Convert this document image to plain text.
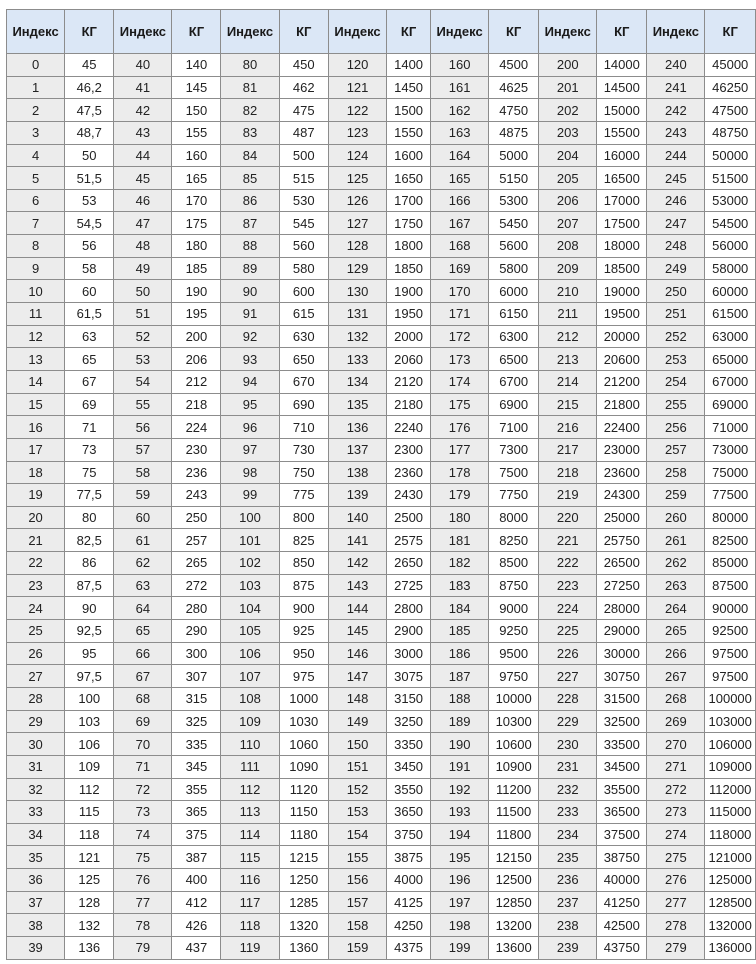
Индекс	КГ	Индекс	КГ	Индекс	КГ	Индекс	КГ	Индекс	КГ	Индекс	КГ	Индекс	КГ
0	45	40	140	80	450	120	1400	160	4500	200	14000	240	45000
1	46,2	41	145	81	462	121	1450	161	4625	201	14500	241	46250
2	47,5	42	150	82	475	122	1500	162	4750	202	15000	242	47500
3	48,7	43	155	83	487	123	1550	163	4875	203	15500	243	48750
4	50	44	160	84	500	124	1600	164	5000	204	16000	244	50000
5	51,5	45	165	85	515	125	1650	165	5150	205	16500	245	51500
6	53	46	170	86	530	126	1700	166	5300	206	17000	246	53000
7	54,5	47	175	87	545	127	1750	167	5450	207	17500	247	54500
8	56	48	180	88	560	128	1800	168	5600	208	18000	248	56000
9	58	49	185	89	580	129	1850	169	5800	209	18500	249	58000
10	60	50	190	90	600	130	1900	170	6000	210	19000	250	60000
11	61,5	51	195	91	615	131	1950	171	6150	211	19500	251	61500
12	63	52	200	92	630	132	2000	172	6300	212	20000	252	63000
13	65	53	206	93	650	133	2060	173	6500	213	20600	253	65000
14	67	54	212	94	670	134	2120	174	6700	214	21200	254	67000
15	69	55	218	95	690	135	2180	175	6900	215	21800	255	69000
16	71	56	224	96	710	136	2240	176	7100	216	22400	256	71000
17	73	57	230	97	730	137	2300	177	7300	217	23000	257	73000
18	75	58	236	98	750	138	2360	178	7500	218	23600	258	75000
19	77,5	59	243	99	775	139	2430	179	7750	219	24300	259	77500
20	80	60	250	100	800	140	2500	180	8000	220	25000	260	80000
21	82,5	61	257	101	825	141	2575	181	8250	221	25750	261	82500
22	86	62	265	102	850	142	2650	182	8500	222	26500	262	85000
23	87,5	63	272	103	875	143	2725	183	8750	223	27250	263	87500
24	90	64	280	104	900	144	2800	184	9000	224	28000	264	90000
25	92,5	65	290	105	925	145	2900	185	9250	225	29000	265	92500
26	95	66	300	106	950	146	3000	186	9500	226	30000	266	97500
27	97,5	67	307	107	975	147	3075	187	9750	227	30750	267	97500
28	100	68	315	108	1000	148	3150	188	10000	228	31500	268	100000
29	103	69	325	109	1030	149	3250	189	10300	229	32500	269	103000
30	106	70	335	110	1060	150	3350	190	10600	230	33500	270	106000
31	109	71	345	111	1090	151	3450	191	10900	231	34500	271	109000
32	112	72	355	112	1120	152	3550	192	11200	232	35500	272	112000
33	115	73	365	113	1150	153	3650	193	11500	233	36500	273	115000
34	118	74	375	114	1180	154	3750	194	11800	234	37500	274	118000
35	121	75	387	115	1215	155	3875	195	12150	235	38750	275	121000
36	125	76	400	116	1250	156	4000	196	12500	236	40000	276	125000
37	128	77	412	117	1285	157	4125	197	12850	237	41250	277	128500
38	132	78	426	118	1320	158	4250	198	13200	238	42500	278	132000
39	136	79	437	119	1360	159	4375	199	13600	239	43750	279	136000
